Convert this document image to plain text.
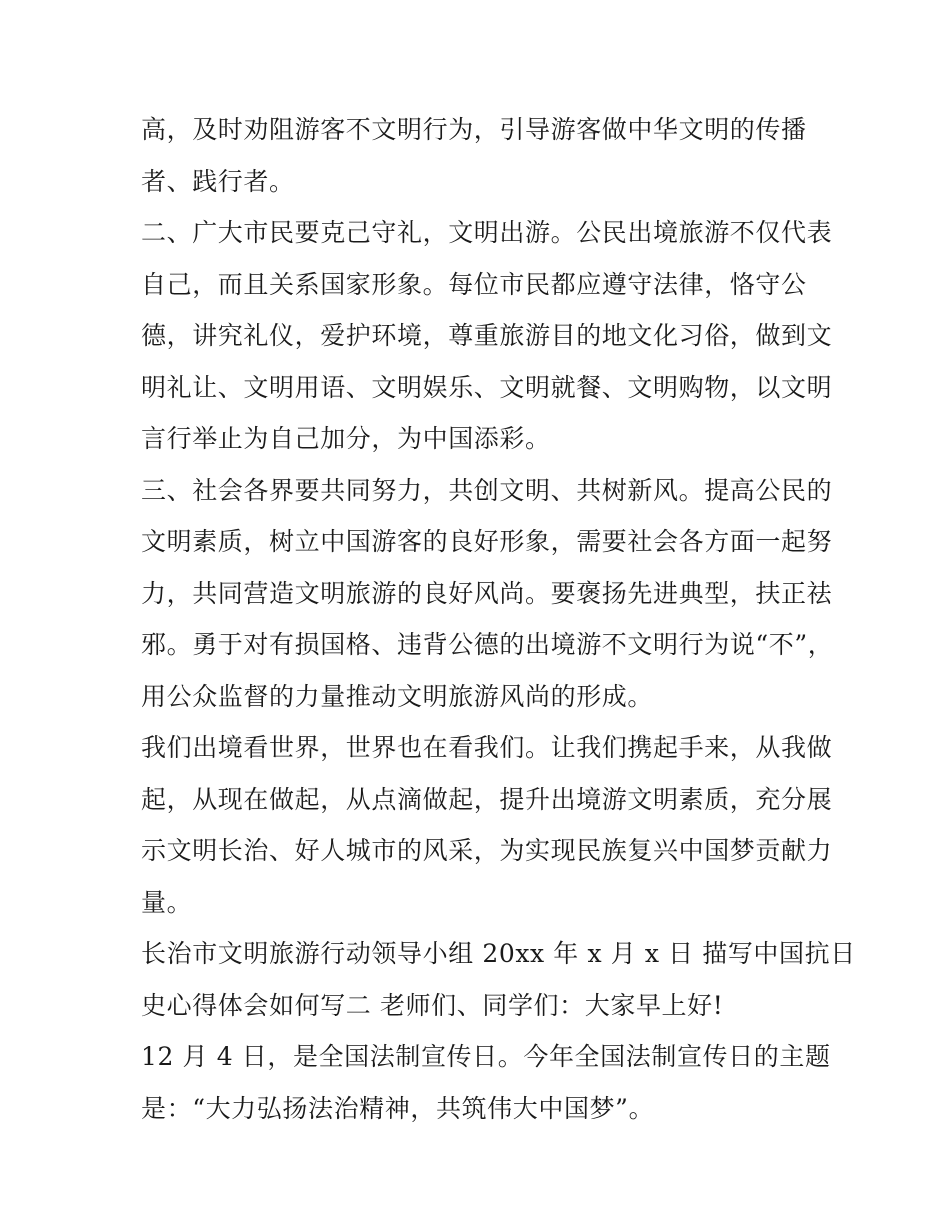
高，及时劝阻游客不文明行为，引导游客做中华文明的传播
者、践行者。
二、广大市民要克己守礼，文明出游。公民出境旅游不仅代表
自己，而且关系国家形象。每位市民都应遵守法律，恪守公
德，讲究礼仪，爱护环境，尊重旅游目的地文化习俗，做到文
明礼让、文明用语、文明娱乐、文明就餐、文明购物，以文明
言行举止为自己加分，为中国添彩。
三、社会各界要共同努力，共创文明、共树新风。提高公民的
文明素质，树立中国游客的良好形象，需要社会各方面一起努
力，共同营造文明旅游的良好风尚。要褒扬先进典型，扶正祛
邪。勇于对有损国格、违背公德的出境游不文明行为说“不”，
用公众监督的力量推动文明旅游风尚的形成。
我们出境看世界，世界也在看我们。让我们携起手来，从我做
起，从现在做起，从点滴做起，提升出境游文明素质，充分展
示文明长治、好人城市的风采，为实现民族复兴中国梦贡献力
量。
长治市文明旅游行动领导小组 20xx 年 x 月 x 日 描写中国抗日
史心得体会如何写二 老师们、同学们：大家早上好!
12 月 4 日，是全国法制宣传日。今年全国法制宣传日的主题
是：“大力弘扬法治精神，共筑伟大中国梦”。
